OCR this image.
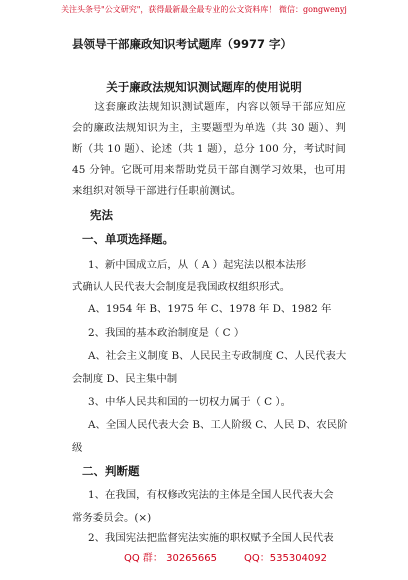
关注头条号"公文研究"，获得最新最全最专业的公文资料库！ 微信：gongwenyj
县领导干部廉政知识考试题库（9977 字）
关于廉政法规知识测试题库的使用说明
这套廉政法规知识测试题库，内容以领导干部应知应会的廉政法规知识为主，主要题型为单选（共 30 题）、判断（共 10 题）、论述（共 1 题），总分 100 分，考试时间 45 分钟。它既可用来帮助党员干部自测学习效果，也可用来组织对领导干部进行任职前测试。
宪法
一、单项选择题。
1、新中国成立后，从（ A ）起宪法以根本法形
式确认人民代表大会制度是我国政权组织形式。
A、1954 年 B、1975 年 C、1978 年 D、1982 年
2、我国的基本政治制度是（ C ）
A、社会主义制度 B、人民民主专政制度 C、人民代表大
会制度 D、民主集中制
3、中华人民共和国的一切权力属于（ C ）。
A、全国人民代表大会 B、工人阶级 C、人民 D、农民阶
级
二、判断题
1、在我国，有权修改宪法的主体是全国人民代表大会
常务委员会。(×)
2、我国宪法把监督宪法实施的职权赋予全国人民代表
QQ 群： 30265665	QQ：535304092
